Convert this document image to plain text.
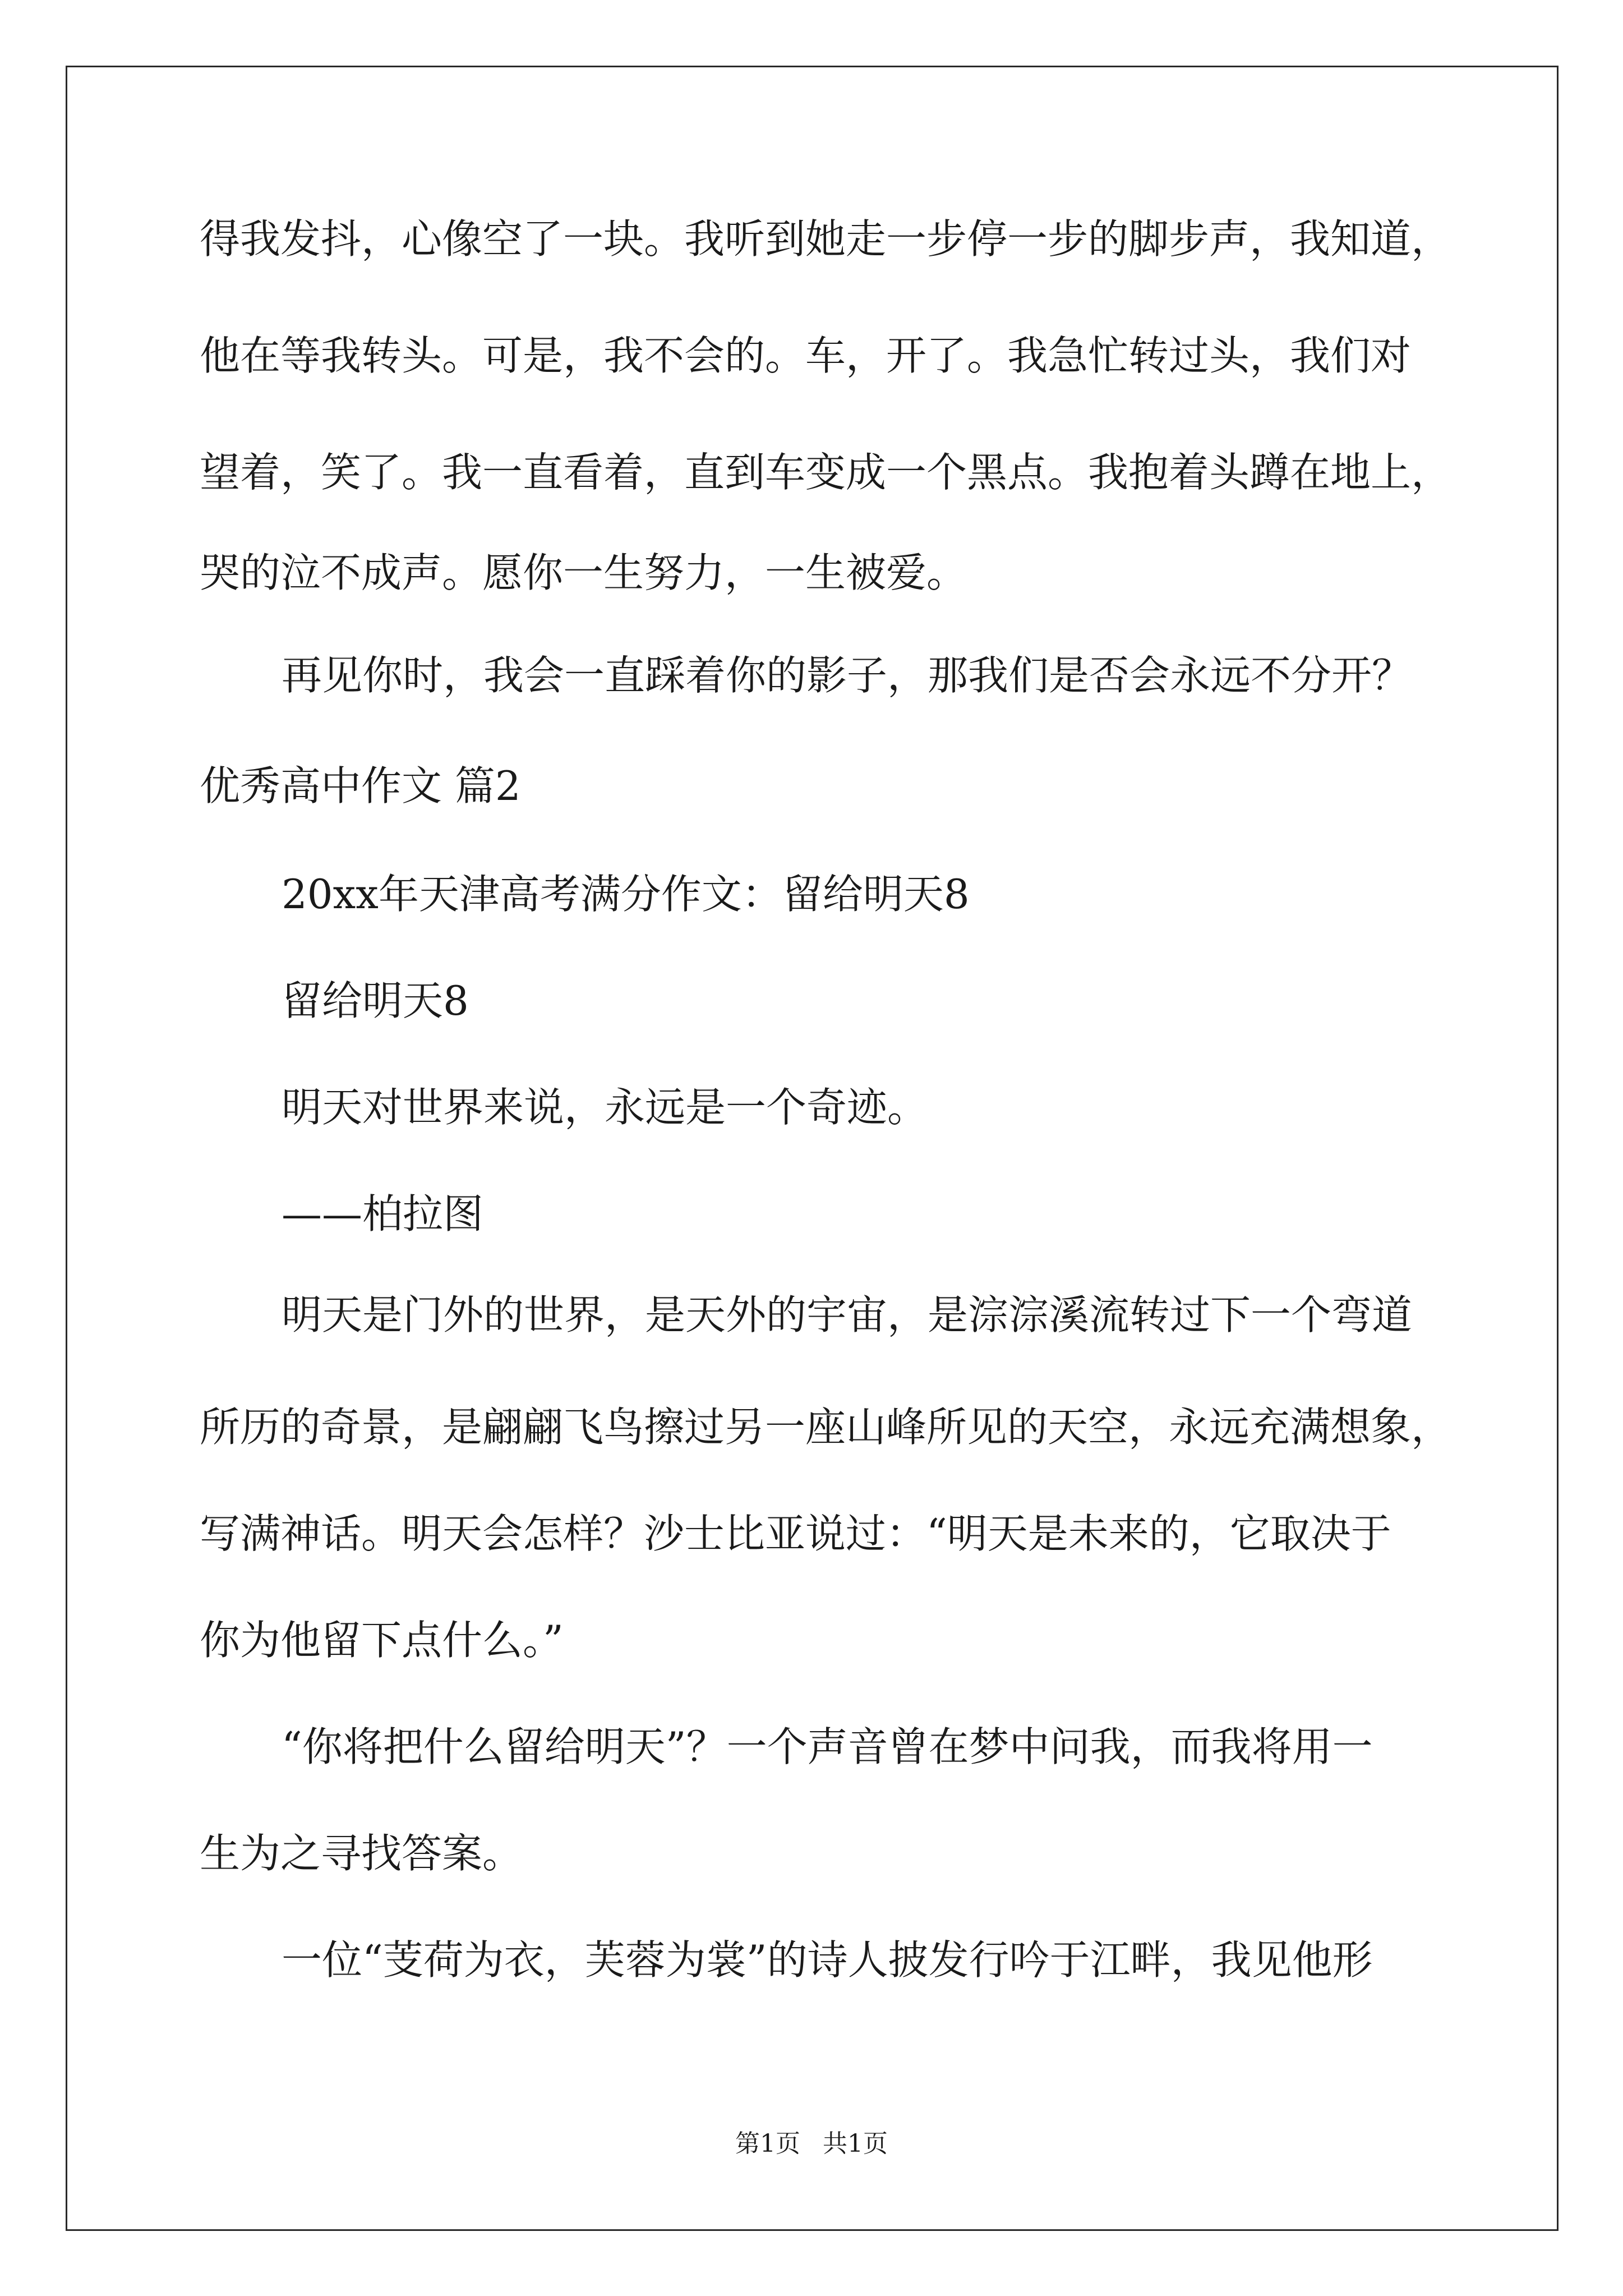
得我发抖，心像空了一块。我听到她走一步停一步的脚步声，我知道，
他在等我转头。可是，我不会的。车，开了。我急忙转过头，我们对
望着，笑了。我一直看着，直到车变成一个黑点。我抱着头蹲在地上，
哭的泣不成声。愿你一生努力，一生被爱。
再见你时，我会一直踩着你的影子，那我们是否会永远不分开？
优秀高中作文 篇2
20xx年天津高考满分作文：留给明天8
留给明天8
明天对世界来说，永远是一个奇迹。
——柏拉图
明天是门外的世界，是天外的宇宙，是淙淙溪流转过下一个弯道
所历的奇景，是翩翩飞鸟擦过另一座山峰所见的天空，永远充满想象，
写满神话。明天会怎样？沙士比亚说过：“明天是未来的，它取决于
你为他留下点什么。”
“你将把什么留给明天”？一个声音曾在梦中问我，而我将用一
生为之寻找答案。
一位“芰荷为衣，芙蓉为裳”的诗人披发行吟于江畔，我见他形
第1页 共1页
